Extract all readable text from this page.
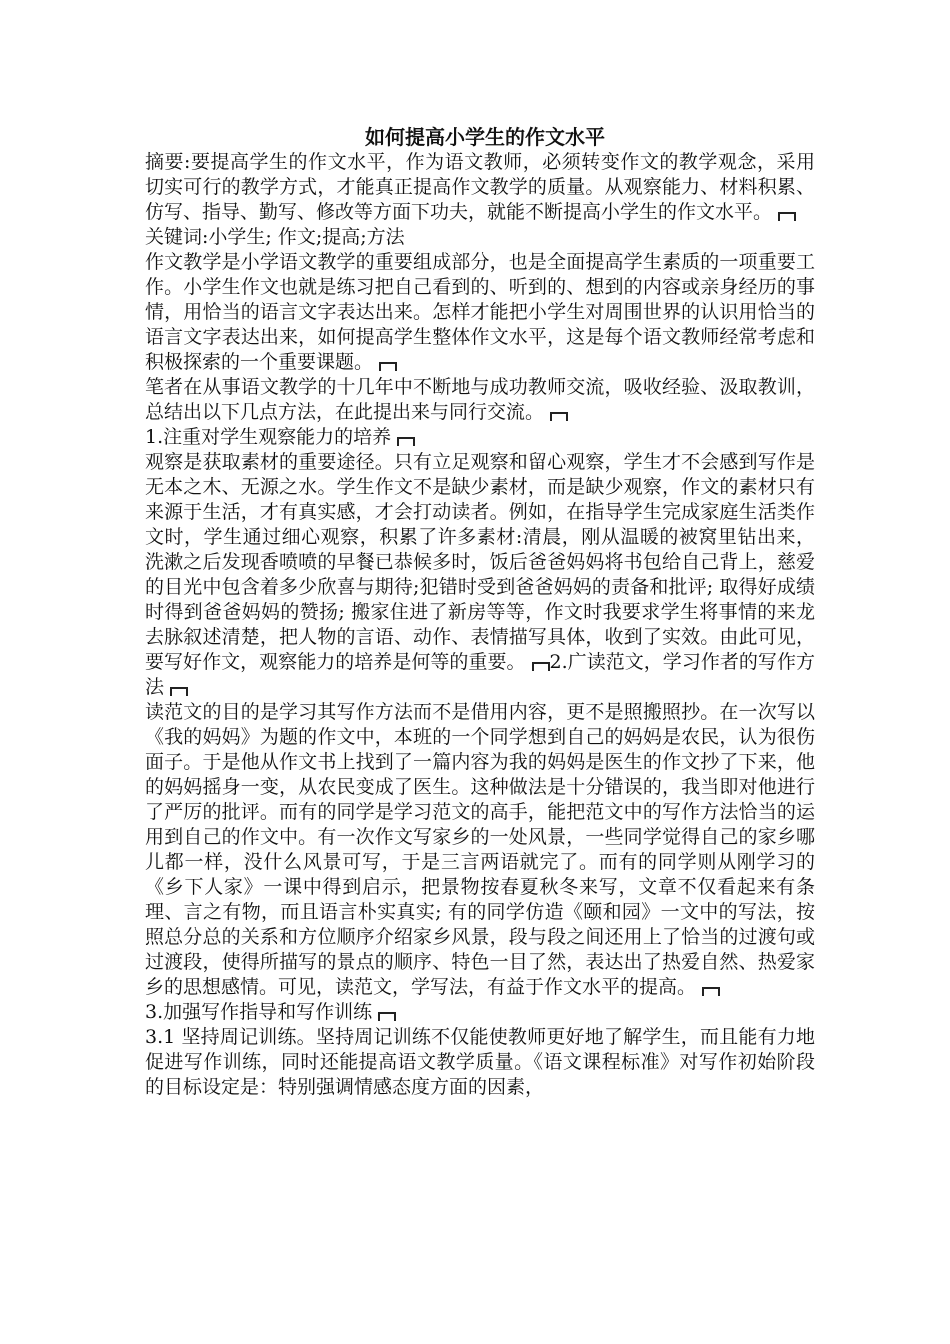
如何提高小学生的作文水平

摘要:要提高学生的作文水平，作为语文教师，必须转变作文的教学观念，采用切实可行的教学方式，才能真正提高作文教学的质量。从观察能力、材料积累、 仿写、指导、勤写、修改等方面下功夫，就能不断提高小学生的作文水平。

关键词:小学生; 作文;提高;方法

作文教学是小学语文教学的重要组成部分，也是全面提高学生素质的一项重要工作。小学生作文也就是练习把自己看到的、听到的、想到的内容或亲身经历的事情，用恰当的语言文字表达出来。怎样才能把小学生对周围世界的认识用恰当的语言文字表达出来，如何提高学生整体作文水平，这是每个语文教师经常考虑和积极探索的一个重要课题。

笔者在从事语文教学的十几年中不断地与成功教师交流，吸收经验、汲取教训，总结出以下几点方法，在此提出来与同行交流。

1.注重对学生观察能力的培养

观察是获取素材的重要途径。只有立足观察和留心观察，学生才不会感到写作是无本之木、无源之水。学生作文不是缺少素材，而是缺少观察，作文的素材只有来源于生活，才有真实感，才会打动读者。例如，在指导学生完成家庭生活类作文时，学生通过细心观察，积累了许多素材:清晨，刚从温暖的被窝里钻出来，洗漱之后发现香喷喷的早餐已恭候多时，饭后爸爸妈妈将书包给自己背上，慈爱的目光中包含着多少欣喜与期待;犯错时受到爸爸妈妈的责备和批评; 取得好成绩时得到爸爸妈妈的赞扬; 搬家住进了新房等等，作文时我要求学生将事情的来龙去脉叙述清楚，把人物的言语、动作、表情描写具体，收到了实效。由此可见，要写好作文，观察能力的培养是何等的重要。 2.广读范文，学习作者的写作方法

读范文的目的是学习其写作方法而不是借用内容，更不是照搬照抄。在一次写以《我的妈妈》为题的作文中，本班的一个同学想到自己的妈妈是农民，认为很伤面子。于是他从作文书上找到了一篇内容为我的妈妈是医生的作文抄了下来，他的妈妈摇身一变，从农民变成了医生。这种做法是十分错误的，我当即对他进行了严厉的批评。而有的同学是学习范文的高手，能把范文中的写作方法恰当的运用到自己的作文中。有一次作文写家乡的一处风景，一些同学觉得自己的家乡哪儿都一样，没什么风景可写，于是三言两语就完了。而有的同学则从刚学习的《乡下人家》一课中得到启示，把景物按春夏秋冬来写，文章不仅看起来有条理、言之有物，而且语言朴实真实; 有的同学仿造《颐和园》一文中的写法，按照总分总的关系和方位顺序介绍家乡风景，段与段之间还用上了恰当的过渡句或过渡段，使得所描写的景点的顺序、特色一目了然，表达出了热爱自然、热爱家乡的思想感情。可见，读范文，学写法，有益于作文水平的提高。

3.加强写作指导和写作训练

3.1 坚持周记训练。坚持周记训练不仅能使教师更好地了解学生，而且能有力地促进写作训练，同时还能提高语文教学质量。《语文课程标准》对写作初始阶段的目标设定是：特别强调情感态度方面的因素，
